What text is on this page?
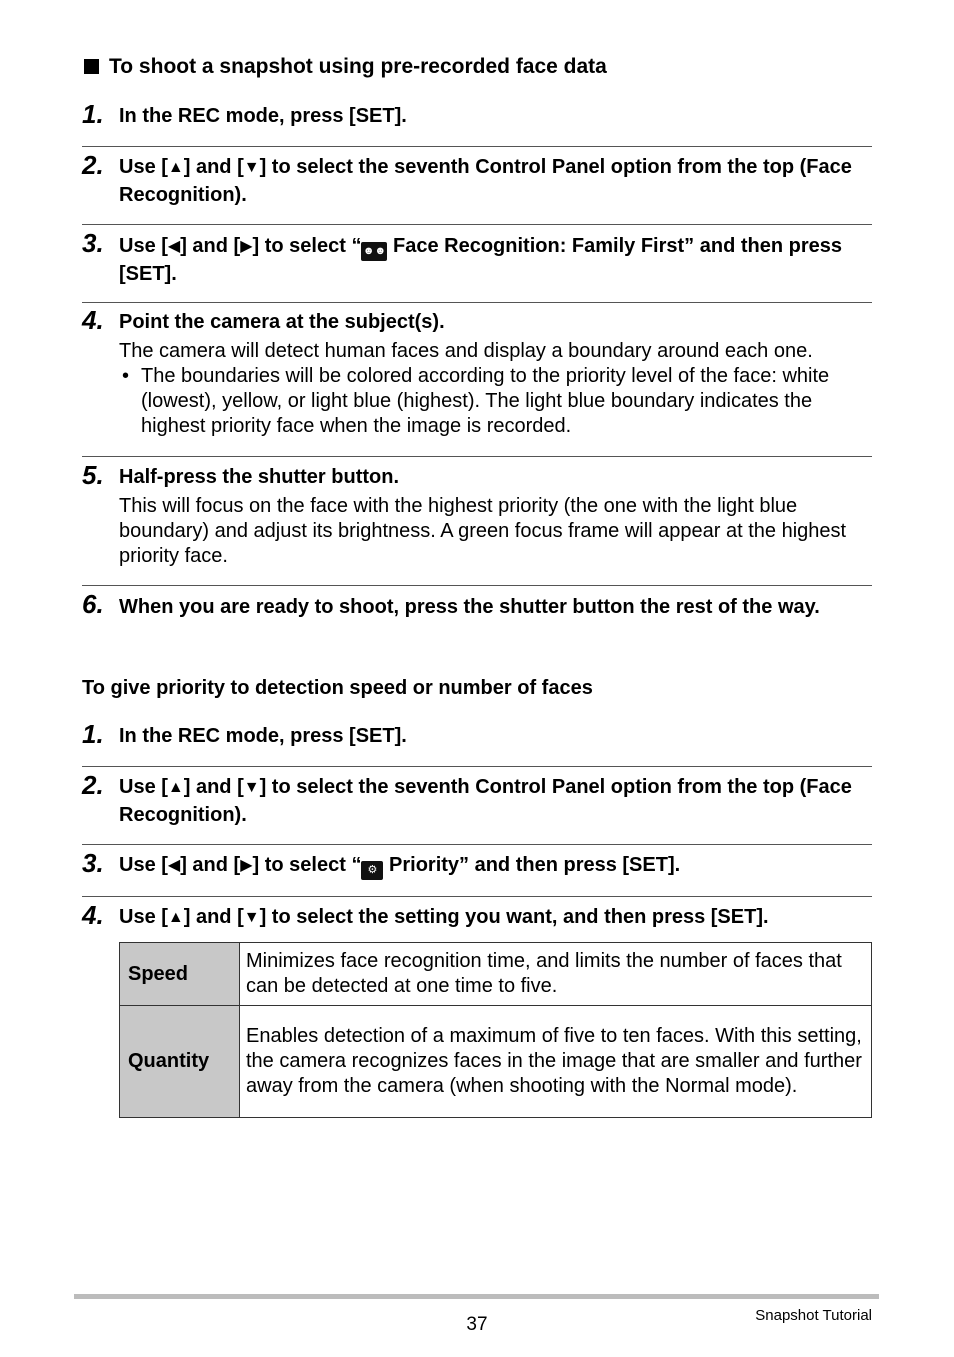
To shoot a snapshot using pre-recorded face data
1. In the REC mode, press [SET].
2. Use [▲] and [▼] to select the seventh Control Panel option from the top (Face Recognition).
3. Use [◀] and [▶] to select “☻☻ Face Recognition: Family First” and then press [SET].
4. Point the camera at the subject(s).
The camera will detect human faces and display a boundary around each one.
• The boundaries will be colored according to the priority level of the face: white (lowest), yellow, or light blue (highest). The light blue boundary indicates the highest priority face when the image is recorded.
5. Half-press the shutter button.
This will focus on the face with the highest priority (the one with the light blue boundary) and adjust its brightness. A green focus frame will appear at the highest priority face.
6. When you are ready to shoot, press the shutter button the rest of the way.
To give priority to detection speed or number of faces
1. In the REC mode, press [SET].
2. Use [▲] and [▼] to select the seventh Control Panel option from the top (Face Recognition).
3. Use [◀] and [▶] to select “ ⚙ Priority” and then press [SET].
4. Use [▲] and [▼] to select the setting you want, and then press [SET].
Speed	Minimizes face recognition time, and limits the number of faces that can be detected at one time to five.
Quantity	Enables detection of a maximum of five to ten faces. With this setting, the camera recognizes faces in the image that are smaller and further away from the camera (when shooting with the Normal mode).
37	Snapshot Tutorial
